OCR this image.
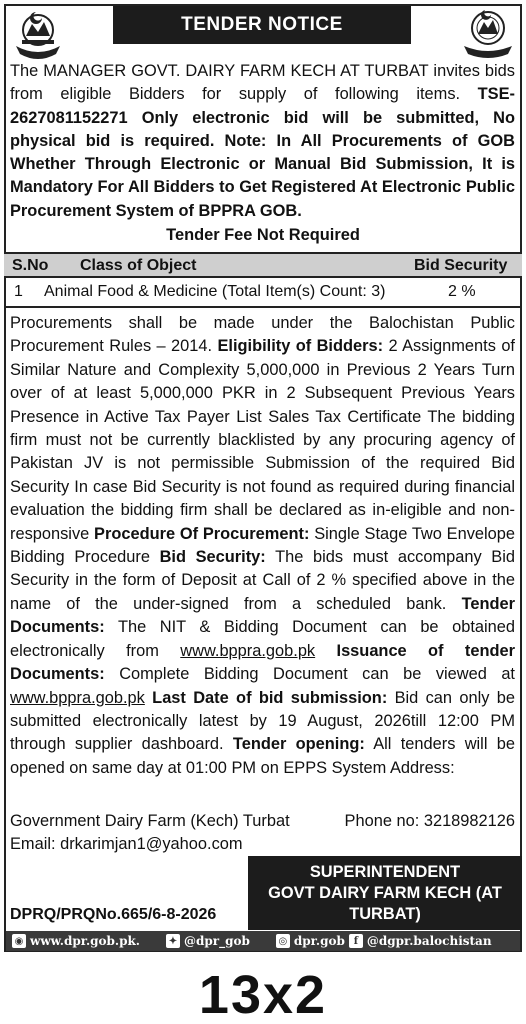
TENDER NOTICE
The MANAGER GOVT. DAIRY FARM KECH AT TURBAT invites bids from eligible Bidders for supply of following items. TSE-2627081152271 Only electronic bid will be submitted, No physical bid is required. Note: In All Procurements of GOB Whether Through Electronic or Manual Bid Submission, It is Mandatory For All Bidders to Get Registered At Electronic Public Procurement System of BPPRA GOB.
Tender Fee Not Required
S.No Class of Object	Bid Security
1 Animal Food & Medicine (Total Item(s) Count: 3)	2 %
Procurements shall be made under the Balochistan Public Procurement Rules – 2014. Eligibility of Bidders: 2 Assignments of Similar Nature and Complexity 5,000,000 in Previous 2 Years Turn over of at least 5,000,000 PKR in 2 Subsequent Previous Years Presence in Active Tax Payer List Sales Tax Certificate The bidding firm must not be currently blacklisted by any procuring agency of Pakistan JV is not permissible Submission of the required Bid Security In case Bid Security is not found as required during financial evaluation the bidding firm shall be declared as in-eligible and non-responsive Procedure Of Procurement: Single Stage Two Envelope Bidding Procedure Bid Security: The bids must accompany Bid Security in the form of Deposit at Call of 2 % specified above in the name of the under-signed from a scheduled bank. Tender Documents: The NIT & Bidding Document can be obtained electronically from www.bppra.gob.pk Issuance of tender Documents: Complete Bidding Document can be viewed at www.bppra.gob.pk Last Date of bid submission: Bid can only be submitted electronically latest by 19 August, 2026till 12:00 PM through supplier dashboard. Tender opening: All tenders will be opened on same day at 01:00 PM on EPPS System Address:
Government Dairy Farm (Kech) Turbat	Phone no: 3218982126
Email: drkarimjan1@yahoo.com
SUPERINTENDENT
GOVT DAIRY FARM KECH (AT
TURBAT)
DPRQ/PRQNo.665/6-8-2026
◉ www.dpr.gob.pk.	✦ @dpr_gob	◎ dpr.gob f @dgpr.balochistan
13x2
